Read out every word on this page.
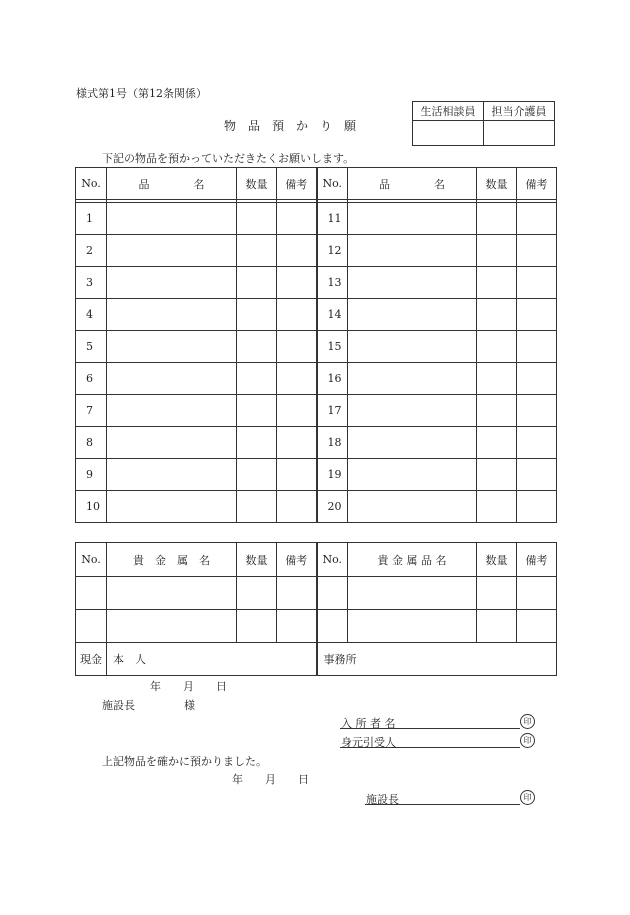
様式第1号（第12条関係）
物　品　預　か　り　願
生活相談員	担当介護員

下記の物品を預かっていただきたくお願いします。
No.	品　　　　名	数量	備考	No.	品　　　　名	数量	備考

1				11			
2				12			
3				13			
4				14			
5				15			
6				16			
7				17			
8				18			
9				19			
10				20			
No.	貴　金　属　名	数量	備考	No.	貴 金 属 品 名	数量	備考

現金	本　人			事務所			
年　　月　　日
施設長	様
入 所 者 名	印
身元引受人	印
上記物品を確かに預かりました。
年　　月　　日
施設長	印
